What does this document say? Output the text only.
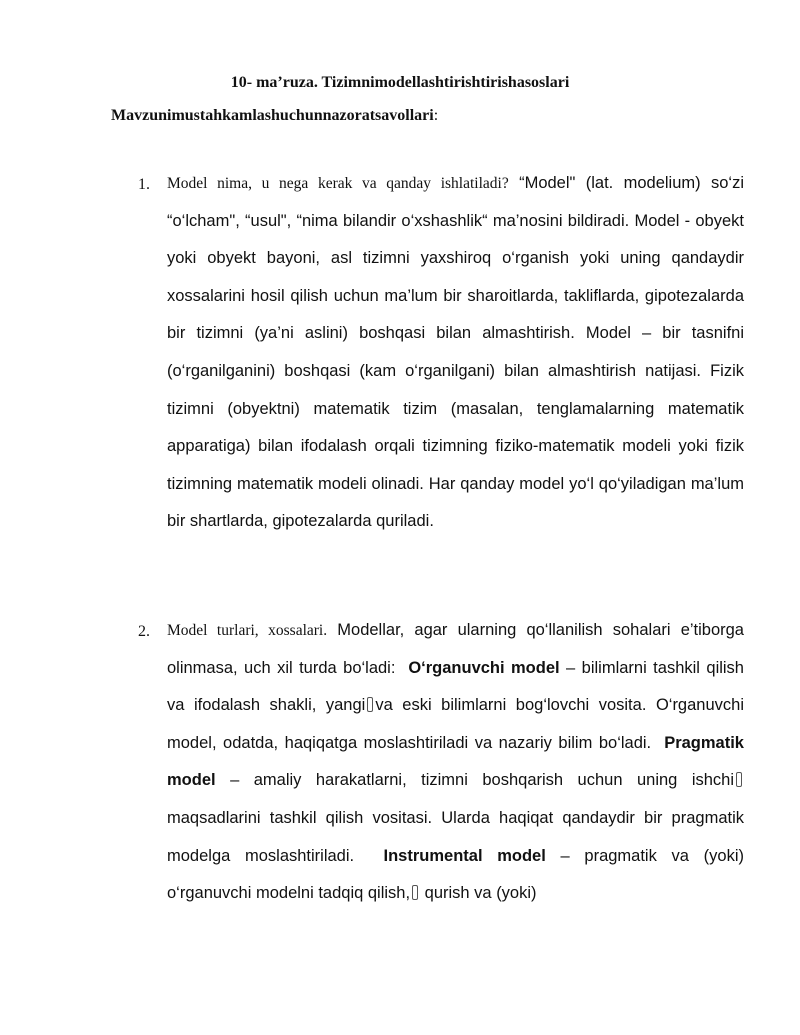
10- ma’ruza. Tizimnimodellashtirishtirishasoslari
Mavzunimustahkamlashuchunnazoratsavollari:
1. Model nima, u nega kerak va qanday ishlatiladi? “Model" (lat. modelium) so‘zi “o‘lcham", “usul", “nima bilandir o‘xshashlik“ ma’nosini bildiradi. Model - obyekt yoki obyekt bayoni, asl tizimni yaxshiroq o‘rganish yoki uning qandaydir xossalarini hosil qilish uchun ma’lum bir sharoitlarda, takliflarda, gipotezalarda bir tizimni (ya’ni aslini) boshqasi bilan almashtirish. Model – bir tasnifni (o‘rganilganini) boshqasi (kam o‘rganilgani) bilan almashtirish natijasi. Fizik tizimni (obyektni) matematik tizim (masalan, tenglamalarning matematik apparatiga) bilan ifodalash orqali tizimning fiziko-matematik modeli yoki fizik tizimning matematik modeli olinadi. Har qanday model yo‘l qo‘yiladigan ma’lum bir shartlarda, gipotezalarda quriladi.
2. Model turlari, xossalari. Modellar, agar ularning qo‘llanilish sohalari e’tiborga olinmasa, uch xil turda bo‘ladi: O‘rganuvchi model – bilimlarni tashkil qilish va ifodalash shakli, yangi va eski bilimlarni bog‘lovchi vosita. O‘rganuvchi model, odatda, haqiqatga moslashtiriladi va nazariy bilim bo‘ladi. Pragmatik model – amaliy harakatlarni, tizimni boshqarish uchun uning ishchi maqsadlarini tashkil qilish vositasi. Ularda haqiqat qandaydir bir pragmatik modelga moslashtiriladi. Instrumental model – pragmatik va (yoki) o‘rganuvchi modelni tadqiq qilish, qurish va (yoki)
